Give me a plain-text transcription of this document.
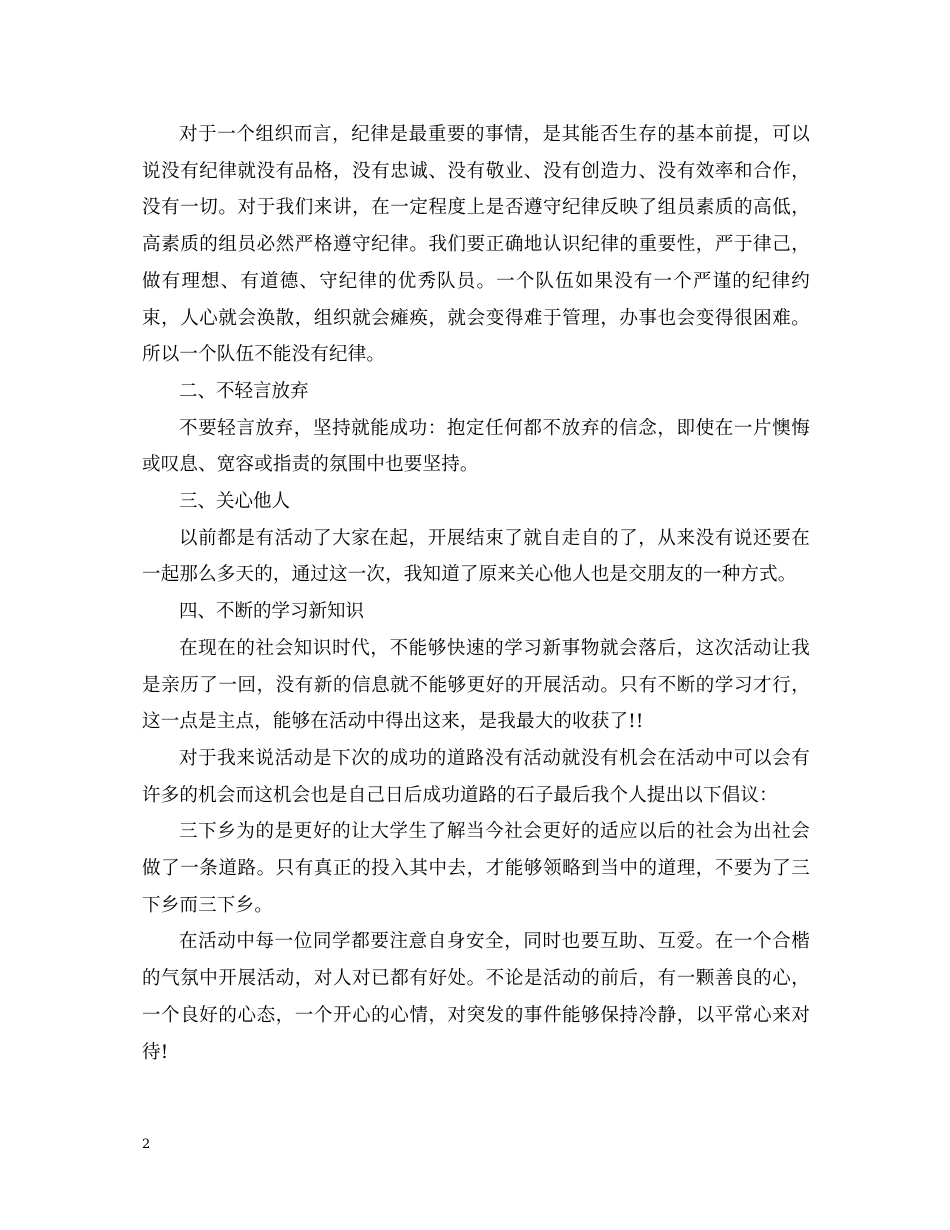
对于一个组织而言，纪律是最重要的事情，是其能否生存的基本前提，可以说没有纪律就没有品格，没有忠诚、没有敬业、没有创造力、没有效率和合作，没有一切。对于我们来讲，在一定程度上是否遵守纪律反映了组员素质的高低，高素质的组员必然严格遵守纪律。我们要正确地认识纪律的重要性，严于律己，做有理想、有道德、守纪律的优秀队员。一个队伍如果没有一个严谨的纪律约束，人心就会涣散，组织就会瘫痪，就会变得难于管理，办事也会变得很困难。所以一个队伍不能没有纪律。

二、不轻言放弃

不要轻言放弃，坚持就能成功：抱定任何都不放弃的信念，即使在一片懊悔或叹息、宽容或指责的氛围中也要坚持。

三、关心他人

以前都是有活动了大家在起，开展结束了就自走自的了，从来没有说还要在一起那么多天的，通过这一次，我知道了原来关心他人也是交朋友的一种方式。

四、不断的学习新知识

在现在的社会知识时代，不能够快速的学习新事物就会落后，这次活动让我是亲历了一回，没有新的信息就不能够更好的开展活动。只有不断的学习才行，这一点是主点，能够在活动中得出这来，是我最大的收获了!!

对于我来说活动是下次的成功的道路没有活动就没有机会在活动中可以会有许多的机会而这机会也是自己日后成功道路的石子最后我个人提出以下倡议：

三下乡为的是更好的让大学生了解当今社会更好的适应以后的社会为出社会做了一条道路。只有真正的投入其中去，才能够领略到当中的道理，不要为了三下乡而三下乡。

在活动中每一位同学都要注意自身安全，同时也要互助、互爱。在一个合楷的气氛中开展活动，对人对已都有好处。不论是活动的前后，有一颗善良的心，一个良好的心态，一个开心的心情，对突发的事件能够保持冷静，以平常心来对待!

2
